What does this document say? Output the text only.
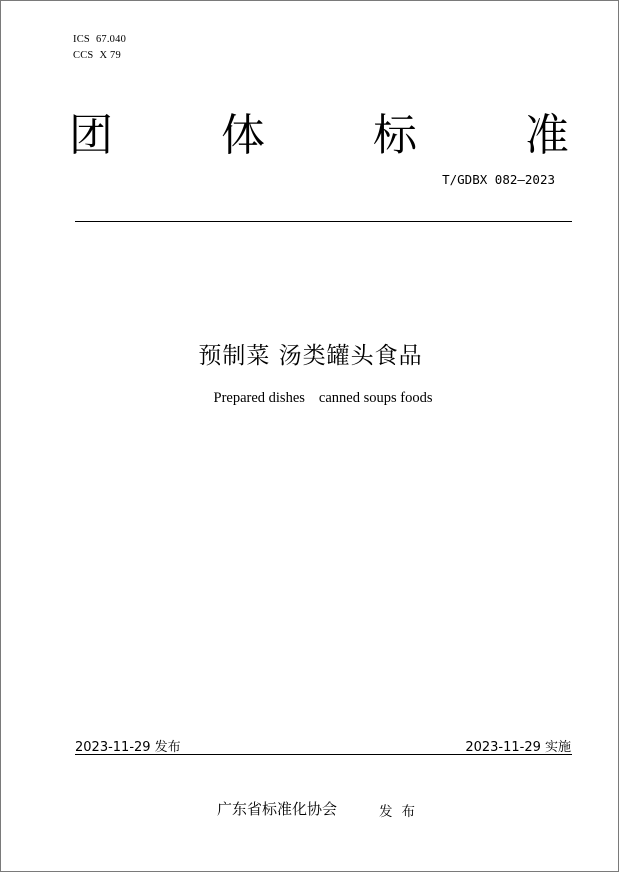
ICS 67.040
CCS X 79
团 体 标 准
T/GDBX 082—2023
预制菜 汤类罐头食品
Prepared dishes canned soups foods
2023-11-29 发布	2023-11-29 实施
广东省标准化协会	发布
